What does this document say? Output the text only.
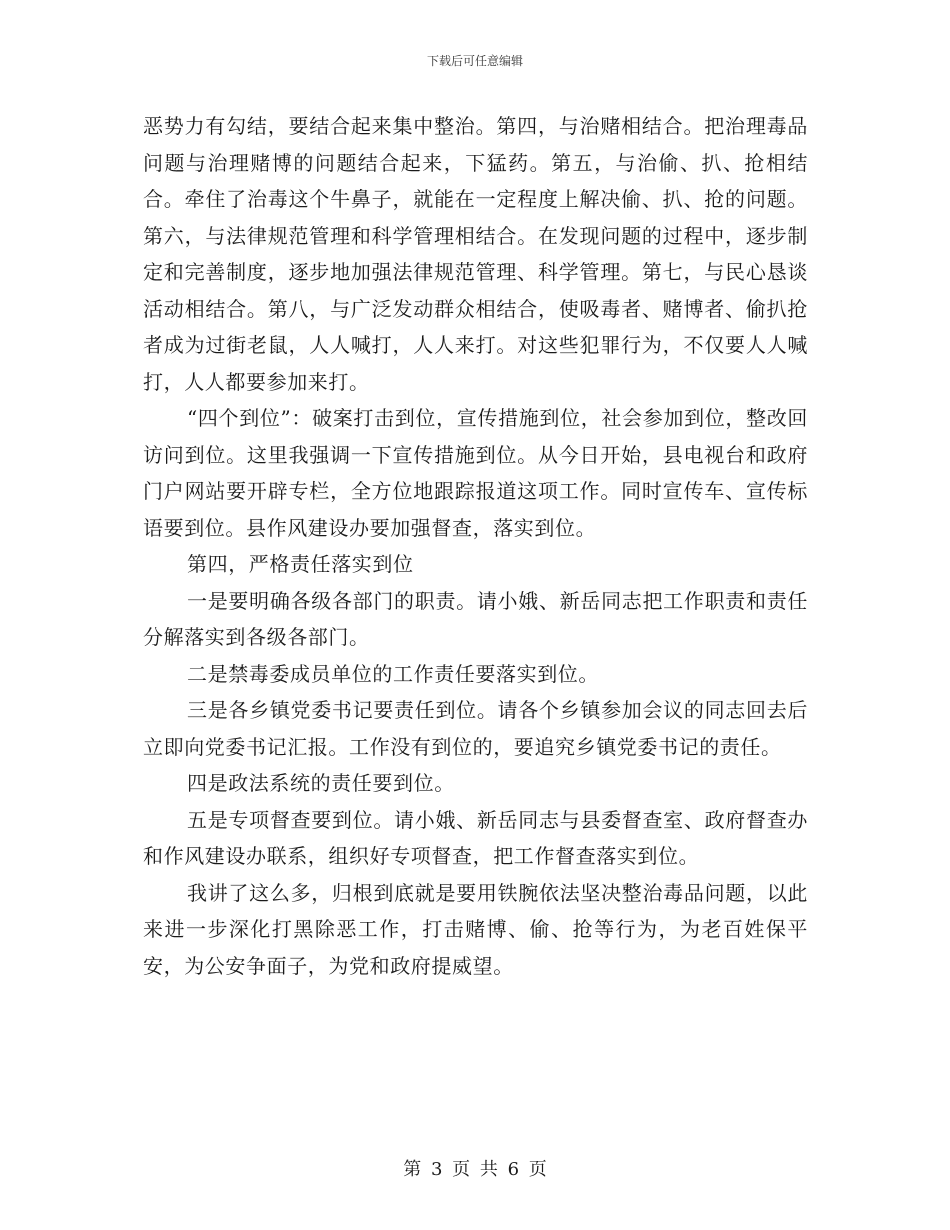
下载后可任意编辑

恶势力有勾结，要结合起来集中整治。第四，与治赌相结合。把治理毒品问题与治理赌博的问题结合起来，下猛药。第五，与治偷、扒、抢相结合。牵住了治毒这个牛鼻子，就能在一定程度上解决偷、扒、抢的问题。第六，与法律规范管理和科学管理相结合。在发现问题的过程中，逐步制定和完善制度，逐步地加强法律规范管理、科学管理。第七，与民心恳谈活动相结合。第八，与广泛发动群众相结合，使吸毒者、赌博者、偷扒抢者成为过街老鼠，人人喊打，人人来打。对这些犯罪行为，不仅要人人喊打，人人都要参加来打。

“四个到位”：破案打击到位，宣传措施到位，社会参加到位，整改回访问到位。这里我强调一下宣传措施到位。从今日开始，县电视台和政府门户网站要开辟专栏，全方位地跟踪报道这项工作。同时宣传车、宣传标语要到位。县作风建设办要加强督查，落实到位。

第四，严格责任落实到位

一是要明确各级各部门的职责。请小娥、新岳同志把工作职责和责任分解落实到各级各部门。

二是禁毒委成员单位的工作责任要落实到位。

三是各乡镇党委书记要责任到位。请各个乡镇参加会议的同志回去后立即向党委书记汇报。工作没有到位的，要追究乡镇党委书记的责任。

四是政法系统的责任要到位。

五是专项督查要到位。请小娥、新岳同志与县委督查室、政府督查办和作风建设办联系，组织好专项督查，把工作督查落实到位。

我讲了这么多，归根到底就是要用铁腕依法坚决整治毒品问题，以此来进一步深化打黑除恶工作，打击赌博、偷、抢等行为，为老百姓保平安，为公安争面子，为党和政府提威望。

第 3 页 共 6 页
